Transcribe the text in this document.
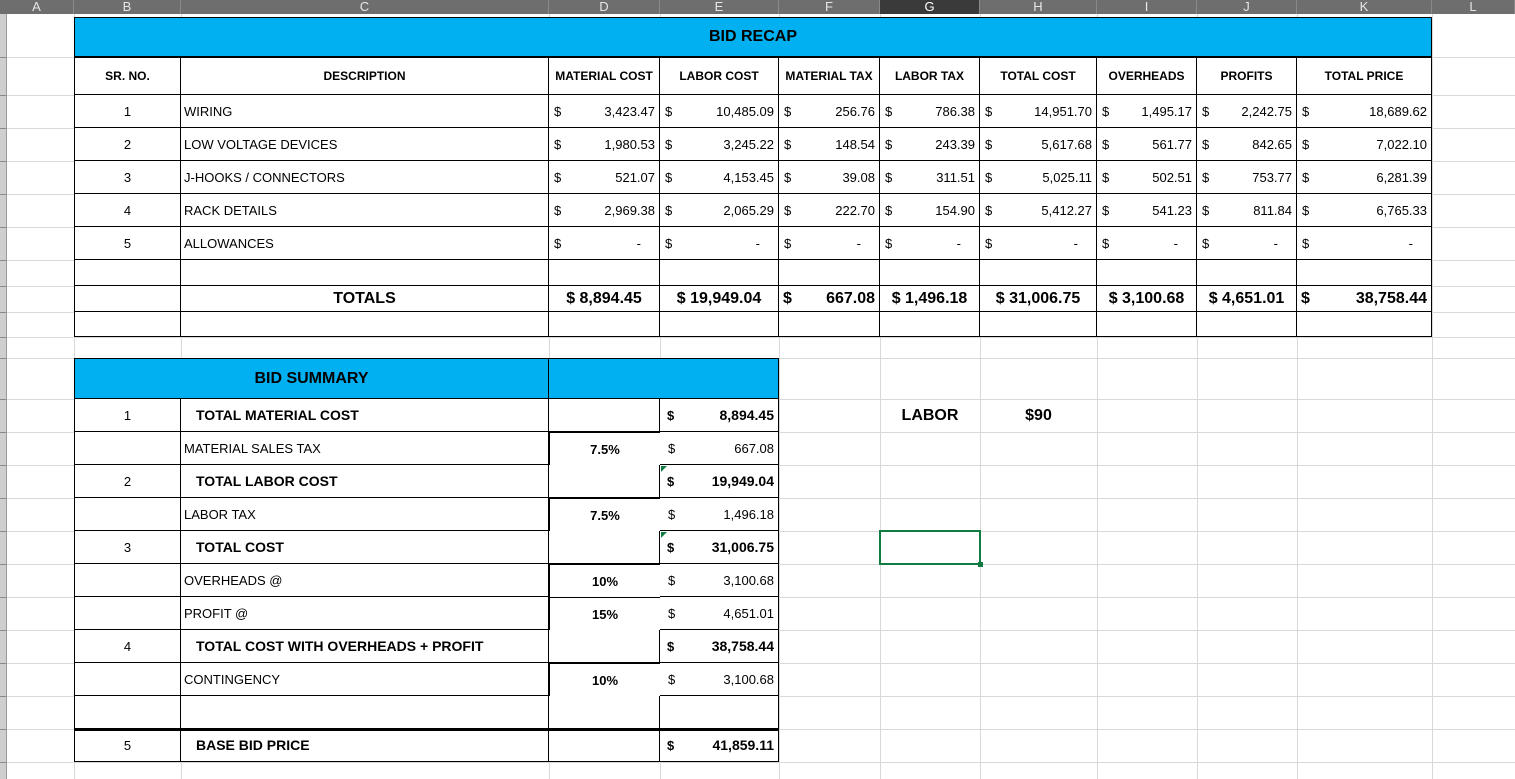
A	B	C	D	E	F	G	H	I	J	K	L
BID RECAP
SR. NO.	DESCRIPTION	MATERIAL COST	LABOR COST	MATERIAL TAX	LABOR TAX	TOTAL COST	OVERHEADS	PROFITS	TOTAL PRICE
1	WIRING	$	3,423.47 $	10,485.09 $	256.76 $	786.38 $	14,951.70 $ 1,495.17 $ 2,242.75 $	18,689.62
2	LOW VOLTAGE DEVICES	$	1,980.53 $	3,245.22 $	148.54 $	243.39 $	5,617.68 $	561.77 $	842.65 $	7,022.10
3	J-HOOKS / CONNECTORS	$	521.07 $	4,153.45 $	39.08 $	311.51 $	5,025.11 $	502.51 $	753.77 $	6,281.39
4	RACK DETAILS	$	2,969.38 $	2,065.29 $	222.70 $	154.90 $	5,412.27 $	541.23 $	811.84 $	6,765.33
5	ALLOWANCES	$	- $	- $	- $	- $	- $	- $	- $	-
TOTALS	$ 8,894.45 $ 19,949.04 $ 667.08 $ 1,496.18 $ 31,006.75 $ 3,100.68 $ 4,651.01 $	38,758.44
BID SUMMARY
1	TOTAL MATERIAL COST	$	8,894.45
MATERIAL SALES TAX	7.5%	$	667.08
2	TOTAL LABOR COST	$	19,949.04
LABOR TAX	7.5%	$	1,496.18
3	TOTAL COST	$	31,006.75
OVERHEADS @	10%	$	3,100.68
PROFIT @	15%	$	4,651.01
4	TOTAL COST WITH OVERHEADS + PROFIT	$	38,758.44
CONTINGENCY	10%	$	3,100.68
5	BASE BID PRICE	$	41,859.11
LABOR	$90
